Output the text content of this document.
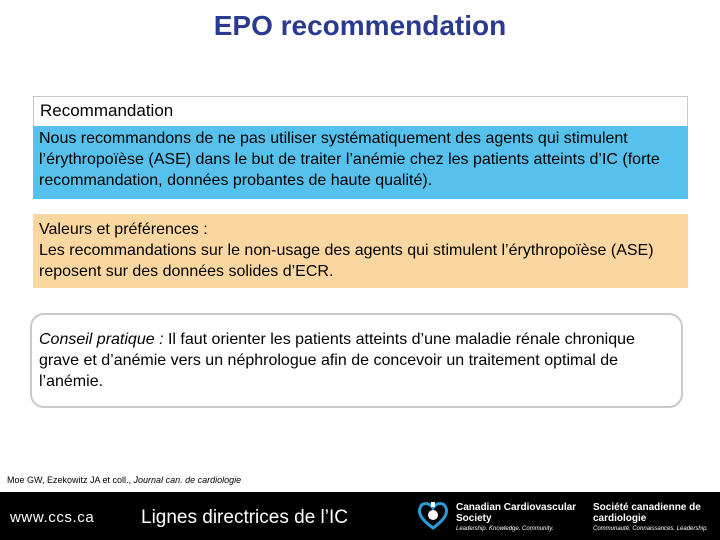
EPO recommendation
Recommandation
Nous recommandons de ne pas utiliser systématiquement des agents qui stimulent l’érythropoïèse (ASE) dans le but de traiter l’anémie chez les patients atteints d’IC (forte recommandation, données probantes de haute qualité).
Valeurs et préférences :
Les recommandations sur le non-usage des agents qui stimulent l’érythropoïèse (ASE) reposent sur des données solides d’ECR.
Conseil pratique : Il faut orienter les patients atteints d’une maladie rénale chronique grave et d’anémie vers un néphrologue afin de concevoir un traitement optimal de l’anémie.
Moe GW, Ezekowitz JA et coll., Journal can. de cardiologie
www.ccs.ca Lignes directrices de l’IC	Canadian Cardiovascular Society
Leadership. Knowledge. Community.
Société canadienne de cardiologie
Communauté. Connaissances. Leadership.
